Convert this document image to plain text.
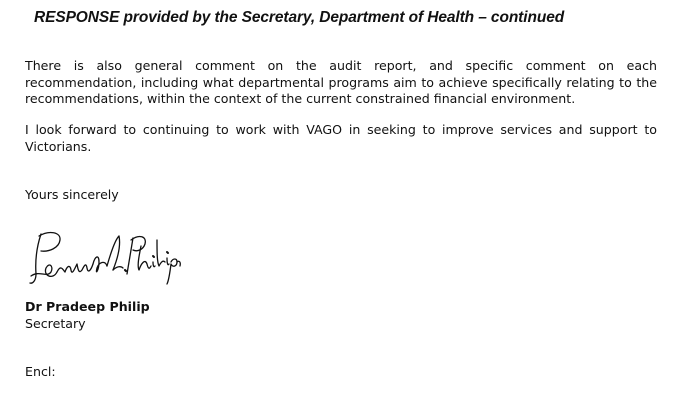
RESPONSE provided by the Secretary, Department of Health – continued
There is also general comment on the audit report, and specific comment on each recommendation, including what departmental programs aim to achieve specifically relating to the recommendations, within the context of the current constrained financial environment.
I look forward to continuing to work with VAGO in seeking to improve services and support to Victorians.
Yours sincerely
Dr Pradeep Philip
Secretary
Encl:
